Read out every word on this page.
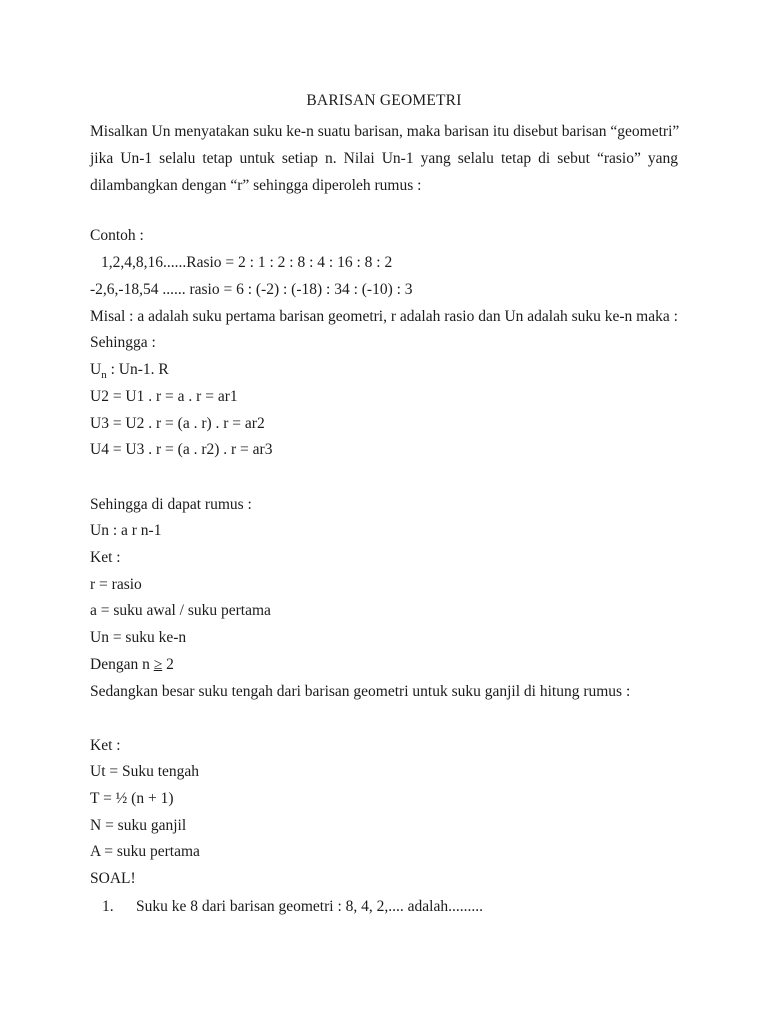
BARISAN GEOMETRI
Misalkan Un menyatakan suku ke-n suatu barisan, maka barisan itu disebut barisan “geometri”
jika Un-1 selalu tetap untuk setiap n. Nilai Un-1 yang selalu tetap di sebut “rasio” yang
dilambangkan dengan “r” sehingga diperoleh rumus :
Contoh :
1,2,4,8,16......Rasio = 2 : 1 : 2 : 8 : 4 : 16 : 8 : 2
-2,6,-18,54 ...... rasio = 6 : (-2) : (-18) : 34 : (-10) : 3
Misal : a adalah suku pertama barisan geometri, r adalah rasio dan Un adalah suku ke-n maka :
Sehingga :
$U_n$ : Un-1. R
U2 = U1 . r = a . r = ar1
U3 = U2 . r = (a . r) . r = ar2
U4 = U3 . r = (a . r2) . r = ar3
Sehingga di dapat rumus :
Un : a r n-1
Ket :
r = rasio
a = suku awal / suku pertama
Un = suku ke-n
Dengan n ≥ 2
Sedangkan besar suku tengah dari barisan geometri untuk suku ganjil di hitung rumus :
Ket :
Ut = Suku tengah
T = ½ (n + 1)
N = suku ganjil
A = suku pertama
SOAL!
1. Suku ke 8 dari barisan geometri : 8, 4, 2,.... adalah.........
